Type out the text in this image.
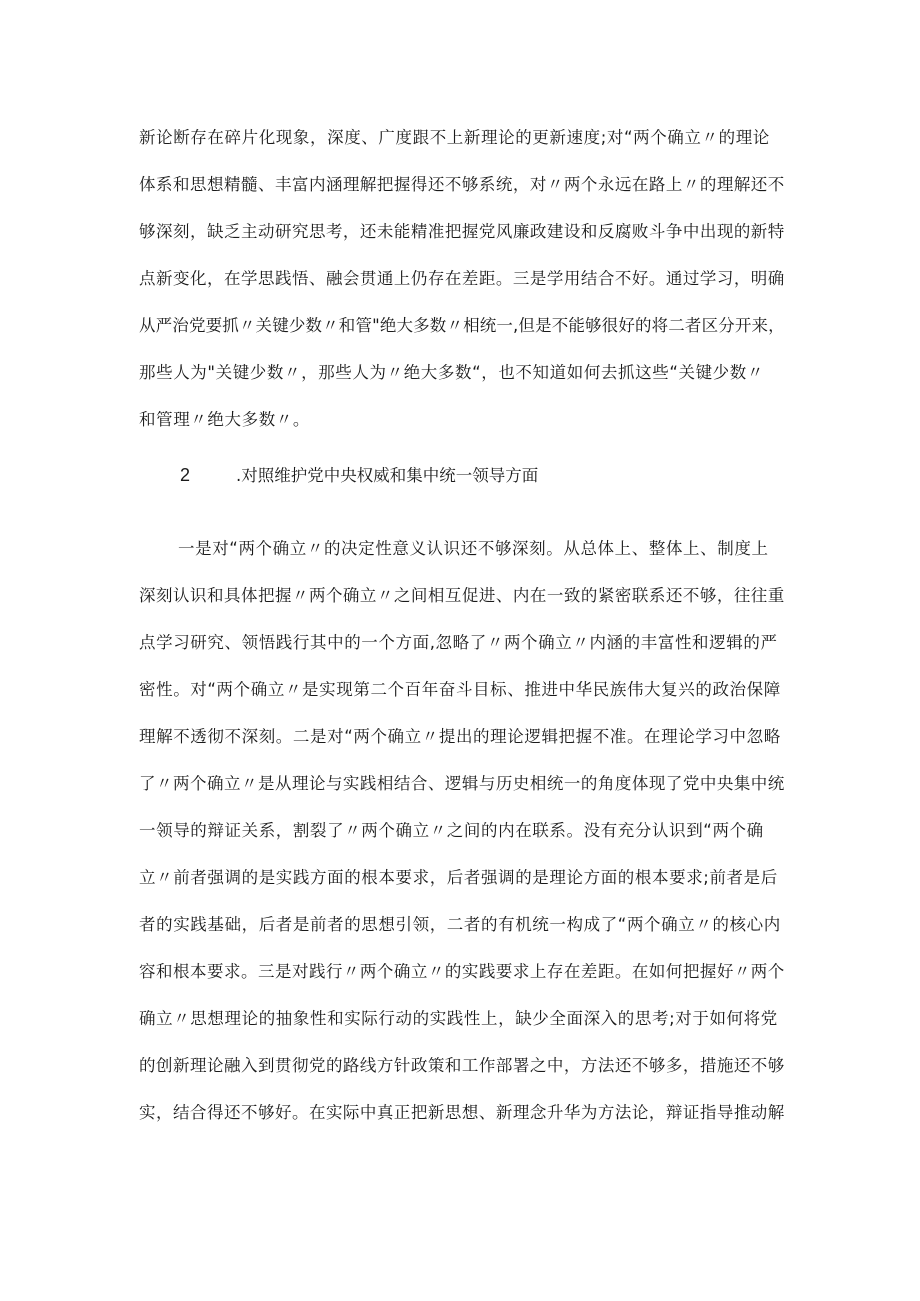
新论断存在碎片化现象，深度、广度跟不上新理论的更新速度;对“两个确立〃的理论
体系和思想精髓、丰富内涵理解把握得还不够系统，对〃两个永远在路上〃的理解还不
够深刻，缺乏主动研究思考，还未能精准把握党风廉政建设和反腐败斗争中出现的新特
点新变化，在学思践悟、融会贯通上仍存在差距。三是学用结合不好。通过学习，明确
从严治党要抓〃关键少数〃和管"绝大多数〃相统一,但是不能够很好的将二者区分开来，
那些人为"关键少数〃，那些人为〃绝大多数“，也不知道如何去抓这些“关键少数〃
和管理〃绝大多数〃。
2	.对照维护党中央权威和集中统一领导方面
一是对“两个确立〃的决定性意义认识还不够深刻。从总体上、整体上、制度上
深刻认识和具体把握〃两个确立〃之间相互促进、内在一致的紧密联系还不够，往往重
点学习研究、领悟践行其中的一个方面,忽略了〃两个确立〃内涵的丰富性和逻辑的严
密性。对“两个确立〃是实现第二个百年奋斗目标、推进中华民族伟大复兴的政治保障
理解不透彻不深刻。二是对“两个确立〃提出的理论逻辑把握不准。在理论学习中忽略
了〃两个确立〃是从理论与实践相结合、逻辑与历史相统一的角度体现了党中央集中统
一领导的辩证关系，割裂了〃两个确立〃之间的内在联系。没有充分认识到“两个确
立〃前者强调的是实践方面的根本要求，后者强调的是理论方面的根本要求;前者是后
者的实践基础，后者是前者的思想引领，二者的有机统一构成了“两个确立〃的核心内
容和根本要求。三是对践行〃两个确立〃的实践要求上存在差距。在如何把握好〃两个
确立〃思想理论的抽象性和实际行动的实践性上，缺少全面深入的思考;对于如何将党
的创新理论融入到贯彻党的路线方针政策和工作部署之中，方法还不够多，措施还不够
实，结合得还不够好。在实际中真正把新思想、新理念升华为方法论，辩证指导推动解
